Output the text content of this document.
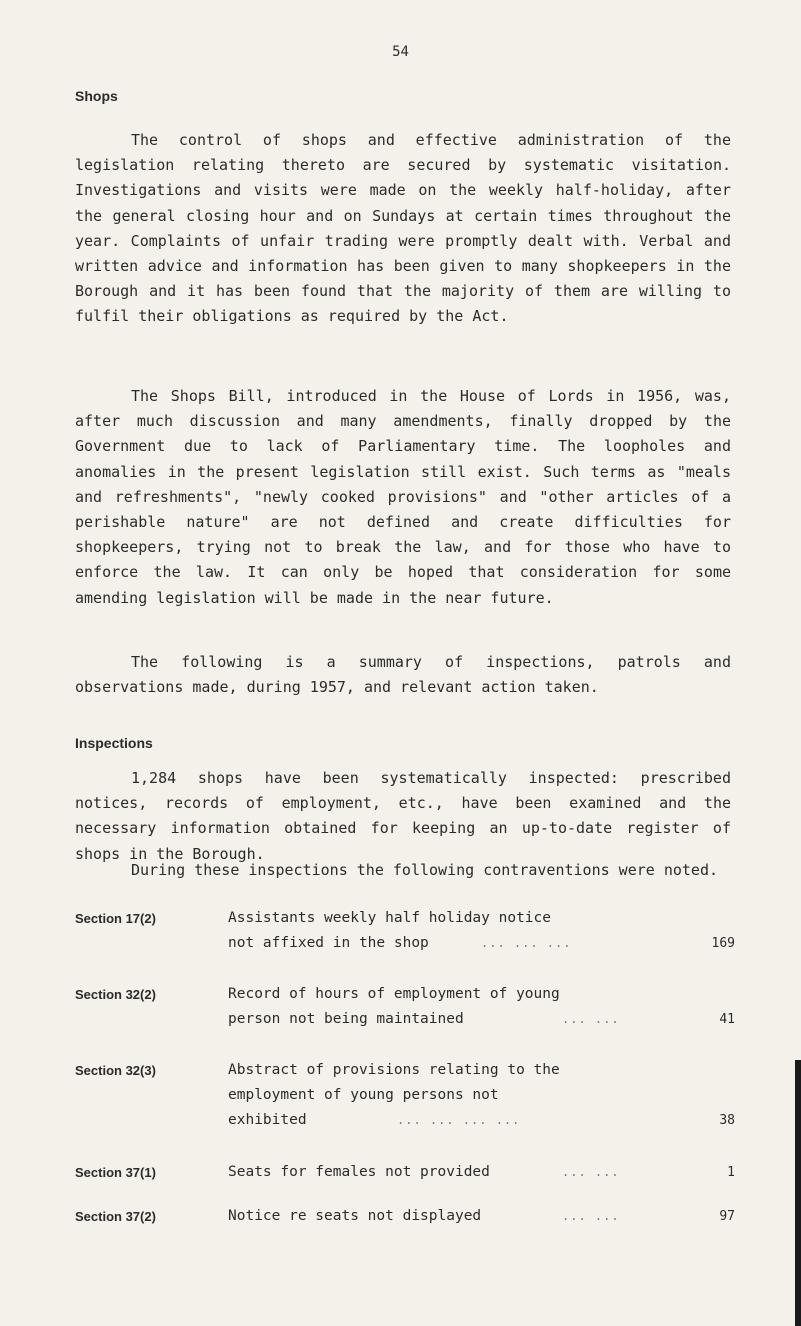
54
Shops

The control of shops and effective administration of the legislation relating thereto are secured by systematic visitation. Investigations and visits were made on the weekly half-holiday, after the general closing hour and on Sundays at certain times throughout the year. Complaints of unfair trading were promptly dealt with. Verbal and written advice and information has been given to many shopkeepers in the Borough and it has been found that the majority of them are willing to fulfil their obligations as required by the Act.

The Shops Bill, introduced in the House of Lords in 1956, was, after much discussion and many amendments, finally dropped by the Government due to lack of Parliamentary time. The loopholes and anomalies in the present legislation still exist. Such terms as "meals and refreshments", "newly cooked provisions" and "other articles of a perishable nature" are not defined and create difficulties for shopkeepers, trying not to break the law, and for those who have to enforce the law. It can only be hoped that consideration for some amending legislation will be made in the near future.

The following is a summary of inspections, patrols and observations made, during 1957, and relevant action taken.

Inspections

1,284 shops have been systematically inspected: prescribed notices, records of employment, etc., have been examined and the necessary information obtained for keeping an up-to-date register of shops in the Borough.

During these inspections the following contraventions were noted.

Section 17(2)	Assistants weekly half holiday notice
not affixed in the shop	... ... ...	169
Section 32(2)	Record of hours of employment of young
person not being maintained	... ...	41
Section 32(3)	Abstract of provisions relating to the
employment of young persons not
exhibited	... ... ... ...	38
Section 37(1)	Seats for females not provided	... ...	1
Section 37(2)	Notice re seats not displayed	... ...	97
